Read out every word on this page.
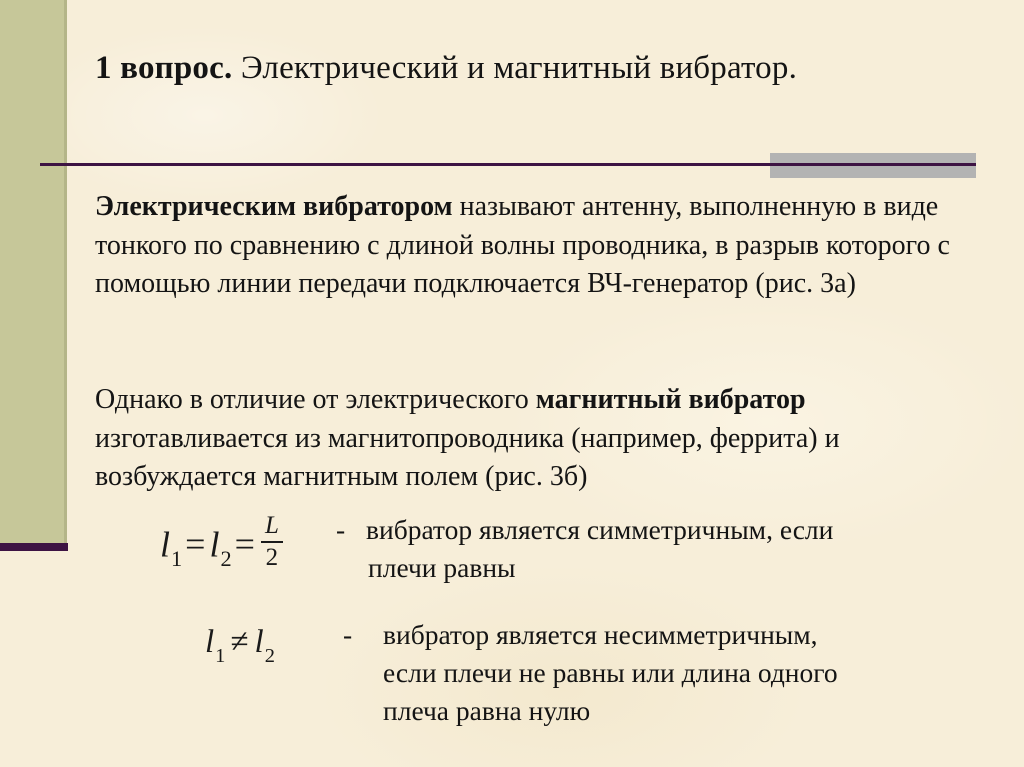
1 вопрос. Электрический и магнитный вибратор.
Электрическим вибратором называют антенну, выполненную в виде тонкого по сравнению с длиной волны проводника, в разрыв которого с помощью линии передачи подключается ВЧ-генератор (рис. 3а)
Однако в отличие от электрического магнитный вибратор изготавливается из магнитопроводника (например, феррита) и возбуждается магнитным полем (рис. 3б)
$l_1= l_2= \frac{L}{2}$ - вибратор является симметричным, если
плечи равны
$l_1 \ne l_2$
-	вибратор является несимметричным,
если плечи не равны или длина одного
плеча равна нулю
